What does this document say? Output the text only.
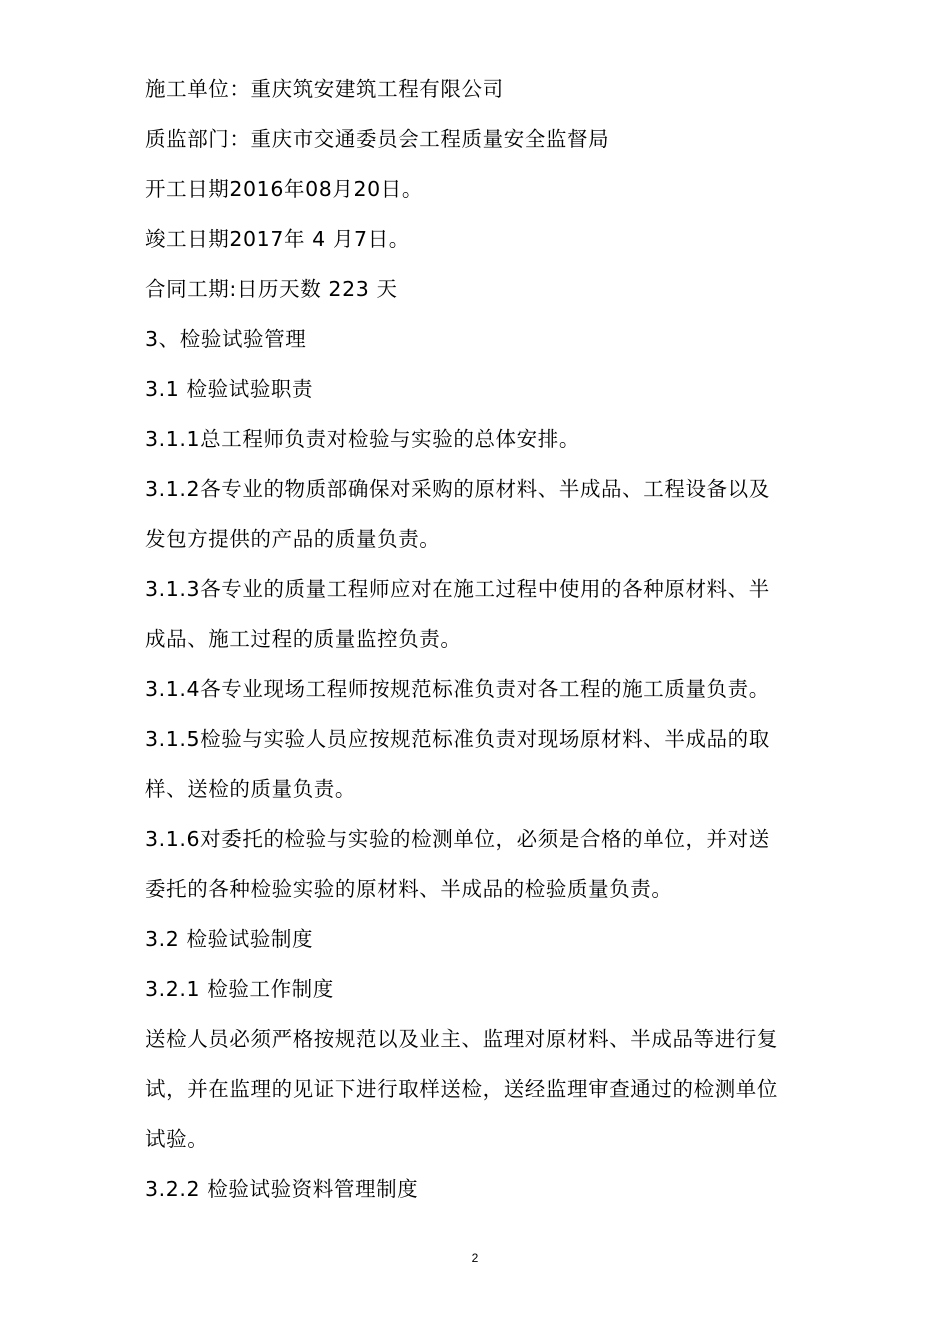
施工单位：重庆筑安建筑工程有限公司
质监部门：重庆市交通委员会工程质量安全监督局
开工日期2016年08月20日。
竣工日期2017年 4 月7日。
合同工期:日历天数 223 天
3、检验试验管理
3.1 检验试验职责
3.1.1总工程师负责对检验与实验的总体安排。
3.1.2各专业的物质部确保对采购的原材料、半成品、工程设备以及
发包方提供的产品的质量负责。
3.1.3各专业的质量工程师应对在施工过程中使用的各种原材料、半
成品、施工过程的质量监控负责。
3.1.4各专业现场工程师按规范标准负责对各工程的施工质量负责。
3.1.5检验与实验人员应按规范标准负责对现场原材料、半成品的取
样、送检的质量负责。
3.1.6对委托的检验与实验的检测单位，必须是合格的单位，并对送
委托的各种检验实验的原材料、半成品的检验质量负责。
3.2 检验试验制度
3.2.1 检验工作制度
送检人员必须严格按规范以及业主、监理对原材料、半成品等进行复
试，并在监理的见证下进行取样送检，送经监理审查通过的检测单位
试验。
3.2.2 检验试验资料管理制度
2
